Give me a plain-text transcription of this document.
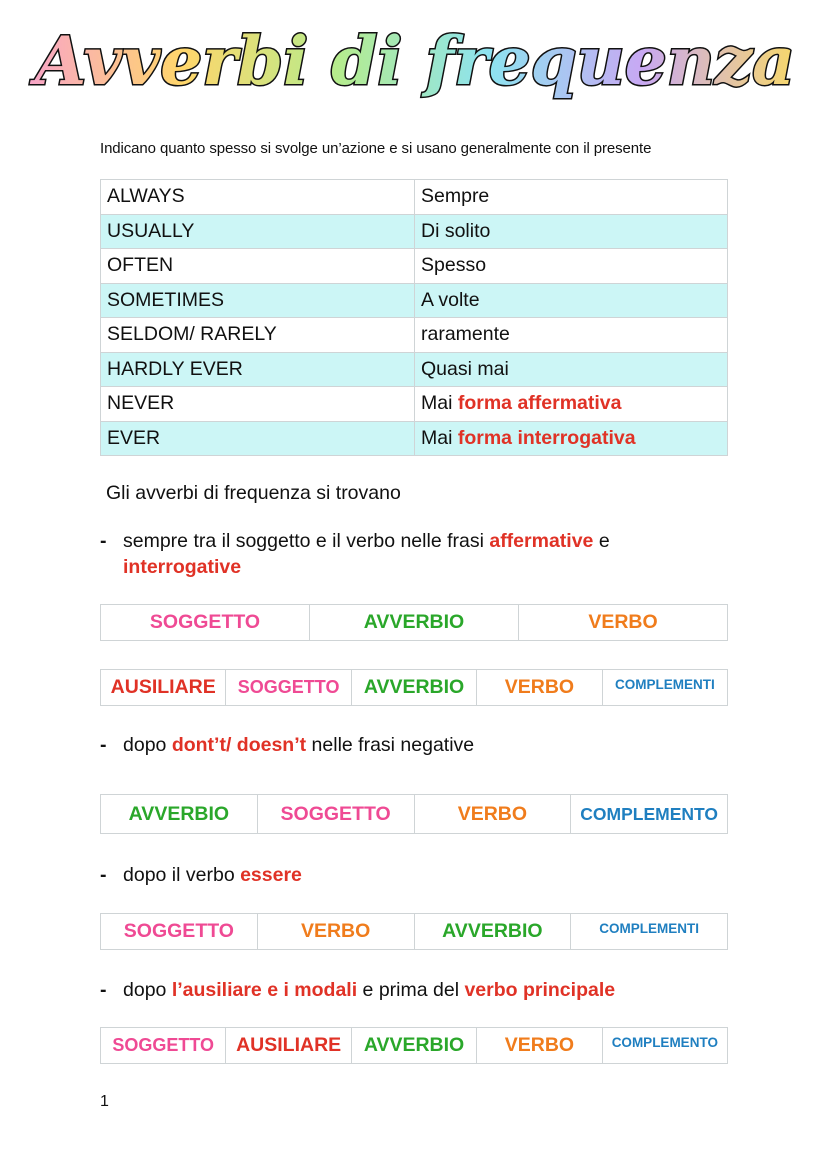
Avverbi di frequenza
Indicano quanto spesso si svolge un’azione e si usano generalmente con il presente
ALWAYS	Sempre
USUALLY	Di solito
OFTEN	Spesso
SOMETIMES	A volte
SELDOM/ RARELY	raramente
HARDLY EVER	Quasi mai
NEVER	Mai forma affermativa
EVER	Mai forma interrogativa
Gli avverbi di frequenza si trovano
- sempre tra il soggetto e il verbo nelle frasi affermative e
interrogative
SOGGETTO	AVVERBIO	VERBO
AUSILIARE	SOGGETTO	AVVERBIO	VERBO	COMPLEMENTI
- dopo dont’t/ doesn’t nelle frasi negative
AVVERBIO	SOGGETTO	VERBO	COMPLEMENTO
- dopo il verbo essere
SOGGETTO	VERBO	AVVERBIO	COMPLEMENTI
- dopo l’ausiliare e i modali e prima del verbo principale
SOGGETTO	AUSILIARE	AVVERBIO	VERBO	COMPLEMENTO
1
